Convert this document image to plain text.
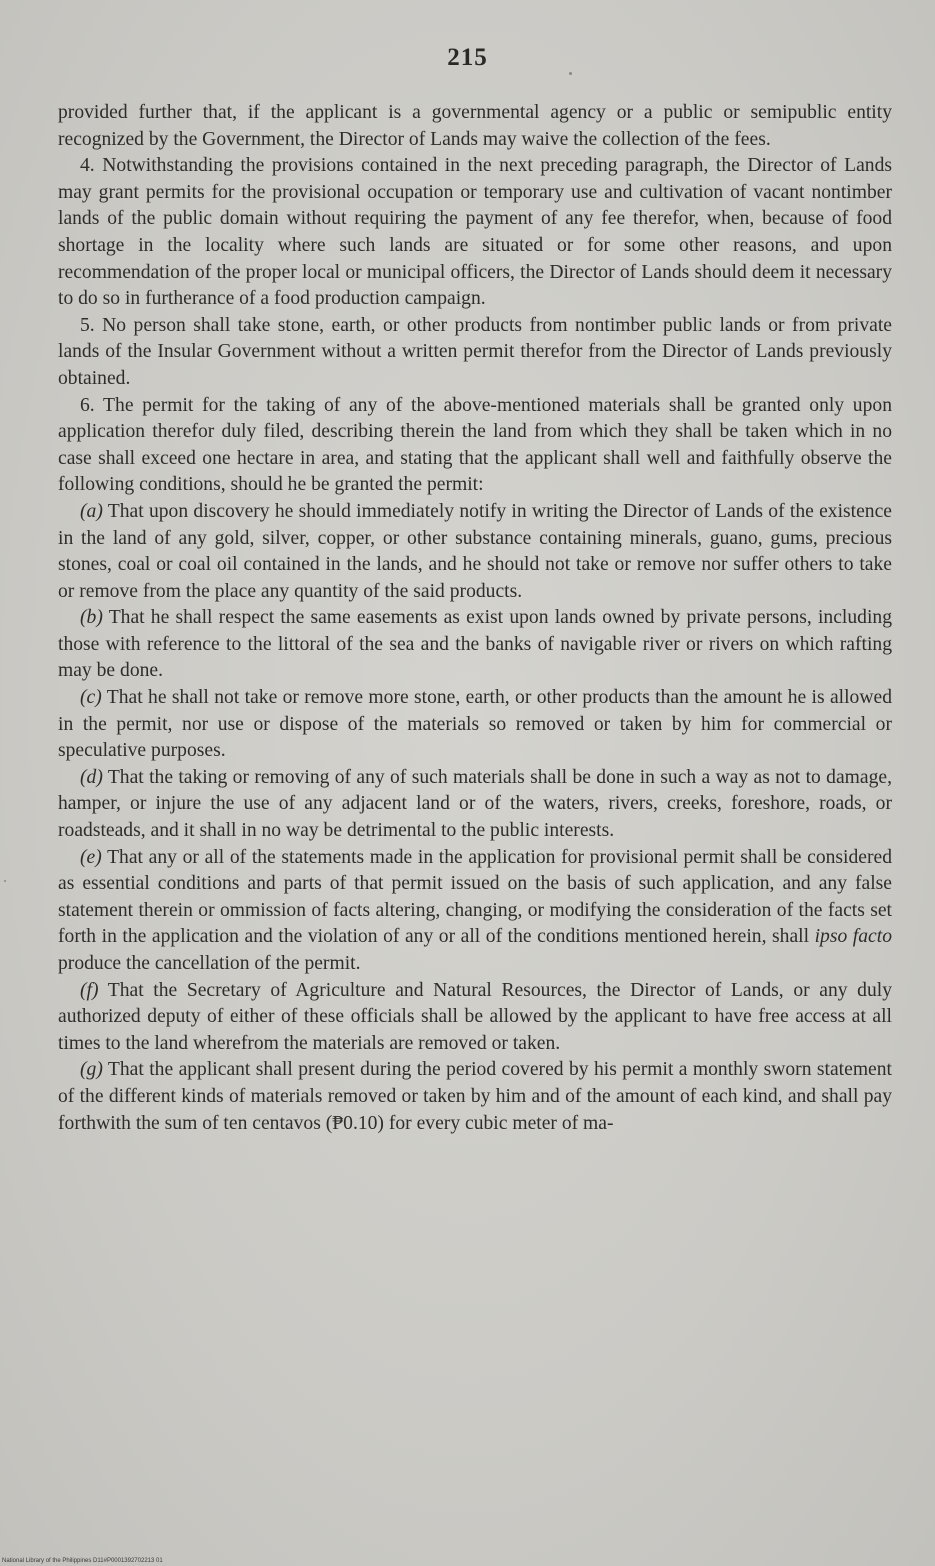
215

provided further that, if the applicant is a governmental agency or a public or semipublic entity recognized by the Government, the Director of Lands may waive the collection of the fees.

4. Notwithstanding the provisions contained in the next preceding paragraph, the Director of Lands may grant permits for the provisional occupation or temporary use and cultivation of vacant nontimber lands of the public domain without requiring the payment of any fee therefor, when, because of food shortage in the locality where such lands are situated or for some other reasons, and upon recommendation of the proper local or municipal officers, the Director of Lands should deem it necessary to do so in furtherance of a food production campaign.

5. No person shall take stone, earth, or other products from nontimber public lands or from private lands of the Insular Government without a written permit therefor from the Director of Lands previously obtained.

6. The permit for the taking of any of the above-mentioned materials shall be granted only upon application therefor duly filed, describing therein the land from which they shall be taken which in no case shall exceed one hectare in area, and stating that the applicant shall well and faithfully observe the following conditions, should he be granted the permit:

(a) That upon discovery he should immediately notify in writing the Director of Lands of the existence in the land of any gold, silver, copper, or other substance containing minerals, guano, gums, precious stones, coal or coal oil contained in the lands, and he should not take or remove nor suffer others to take or remove from the place any quantity of the said products.

(b) That he shall respect the same easements as exist upon lands owned by private persons, including those with reference to the littoral of the sea and the banks of navigable river or rivers on which rafting may be done.

(c) That he shall not take or remove more stone, earth, or other products than the amount he is allowed in the permit, nor use or dispose of the materials so removed or taken by him for commercial or speculative purposes.

(d) That the taking or removing of any of such materials shall be done in such a way as not to damage, hamper, or injure the use of any adjacent land or of the waters, rivers, creeks, foreshore, roads, or roadsteads, and it shall in no way be detrimental to the public interests.

(e) That any or all of the statements made in the application for provisional permit shall be considered as essential conditions and parts of that permit issued on the basis of such application, and any false statement therein or ommission of facts altering, changing, or modifying the consideration of the facts set forth in the application and the violation of any or all of the conditions mentioned herein, shall ipso facto produce the cancellation of the permit.

(f) That the Secretary of Agriculture and Natural Resources, the Director of Lands, or any duly authorized deputy of either of these officials shall be allowed by the applicant to have free access at all times to the land wherefrom the materials are removed or taken.

(g) That the applicant shall present during the period covered by his permit a monthly sworn statement of the different kinds of materials removed or taken by him and of the amount of each kind, and shall pay forthwith the sum of ten centavos (₱0.10) for every cubic meter of ma-

National Library of the Philippines D11#P0001392702213 01
